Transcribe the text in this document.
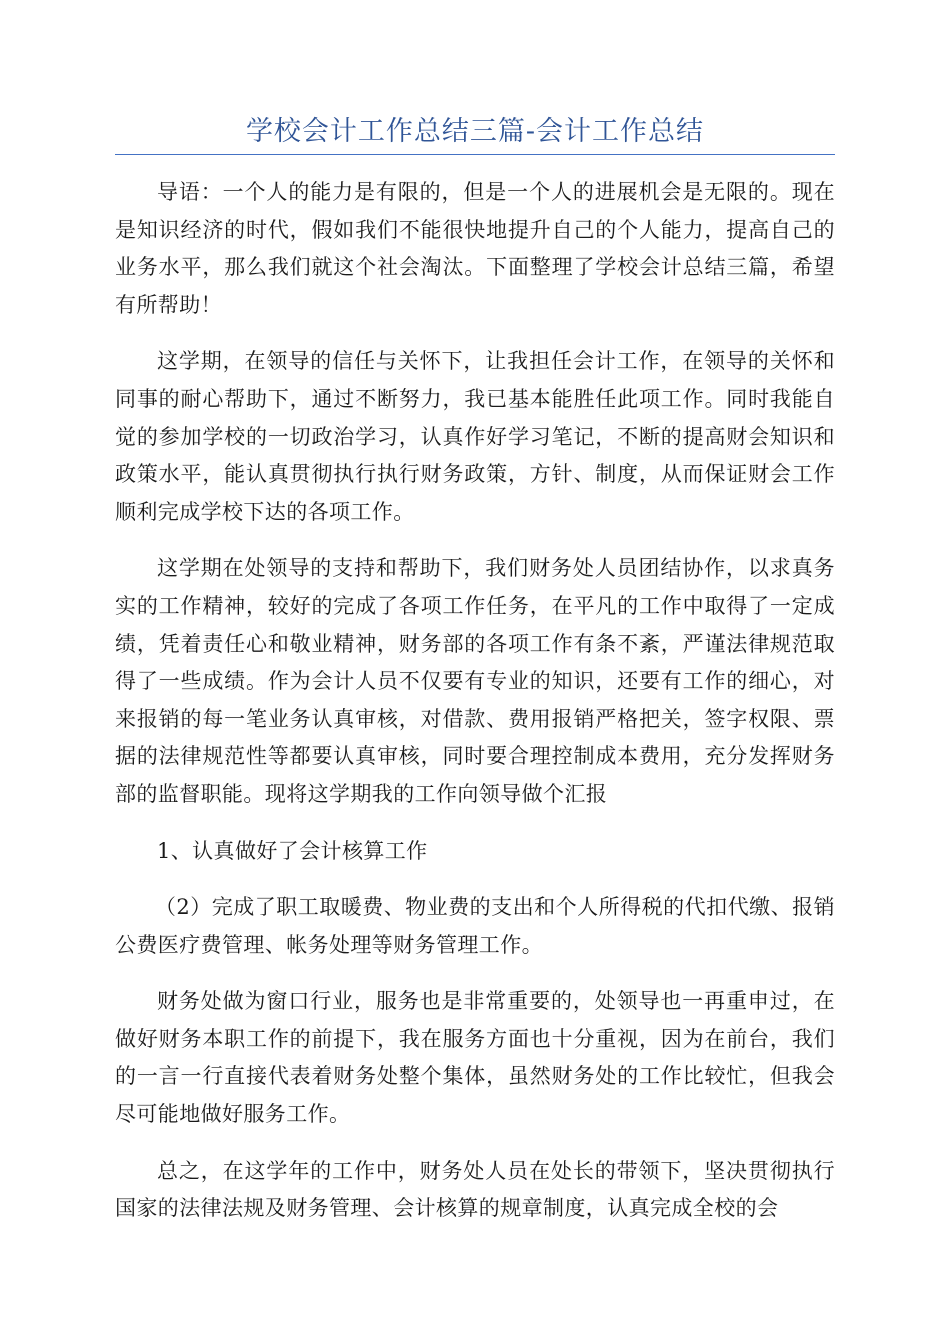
学校会计工作总结三篇-会计工作总结

导语：一个人的能力是有限的，但是一个人的进展机会是无限的。现在是知识经济的时代，假如我们不能很快地提升自己的个人能力，提高自己的业务水平，那么我们就这个社会淘汰。下面整理了学校会计总结三篇，希望有所帮助！

这学期，在领导的信任与关怀下，让我担任会计工作，在领导的关怀和同事的耐心帮助下，通过不断努力，我已基本能胜任此项工作。同时我能自觉的参加学校的一切政治学习，认真作好学习笔记，不断的提高财会知识和政策水平，能认真贯彻执行执行财务政策，方针、制度，从而保证财会工作顺利完成学校下达的各项工作。

这学期在处领导的支持和帮助下，我们财务处人员团结协作，以求真务实的工作精神，较好的完成了各项工作任务，在平凡的工作中取得了一定成绩，凭着责任心和敬业精神，财务部的各项工作有条不紊，严谨法律规范取得了一些成绩。作为会计人员不仅要有专业的知识，还要有工作的细心，对来报销的每一笔业务认真审核，对借款、费用报销严格把关，签字权限、票据的法律规范性等都要认真审核，同时要合理控制成本费用，充分发挥财务部的监督职能。现将这学期我的工作向领导做个汇报

1、认真做好了会计核算工作

（2）完成了职工取暖费、物业费的支出和个人所得税的代扣代缴、报销公费医疗费管理、帐务处理等财务管理工作。

财务处做为窗口行业，服务也是非常重要的，处领导也一再重申过，在做好财务本职工作的前提下，我在服务方面也十分重视，因为在前台，我们的一言一行直接代表着财务处整个集体，虽然财务处的工作比较忙，但我会尽可能地做好服务工作。

总之，在这学年的工作中，财务处人员在处长的带领下，坚决贯彻执行国家的法律法规及财务管理、会计核算的规章制度，认真完成全校的会
